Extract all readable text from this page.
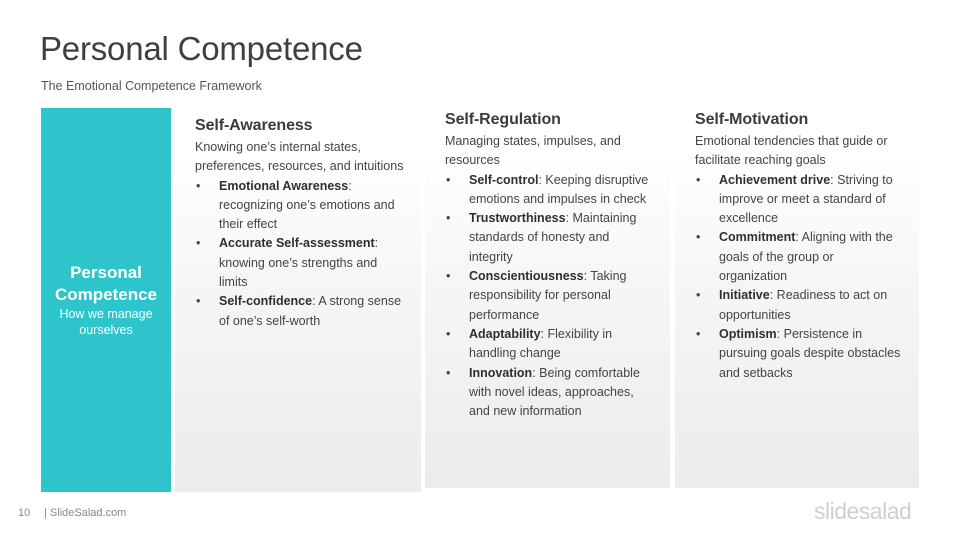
Personal Competence
The Emotional Competence Framework
Personal Competence
How we manage ourselves
Self-Awareness

Knowing one’s internal states, preferences, resources, and intuitions

• Emotional Awareness: recognizing one’s emotions and their effect
• Accurate Self-assessment: knowing one’s strengths and limits
• Self-confidence: A strong sense of one’s self-worth
Self-Regulation

Managing states, impulses, and resources

• Self-control: Keeping disruptive emotions and impulses in check
• Trustworthiness: Maintaining standards of honesty and integrity
• Conscientiousness: Taking responsibility for personal performance
• Adaptability: Flexibility in handling change
• Innovation: Being comfortable with novel ideas, approaches, and new information
Self-Motivation

Emotional tendencies that guide or facilitate reaching goals

• Achievement drive: Striving to improve or meet a standard of excellence
• Commitment: Aligning with the goals of the group or organization
• Initiative: Readiness to act on opportunities
• Optimism: Persistence in pursuing goals despite obstacles and setbacks
10 | SlideSalad.com	slidesalad
